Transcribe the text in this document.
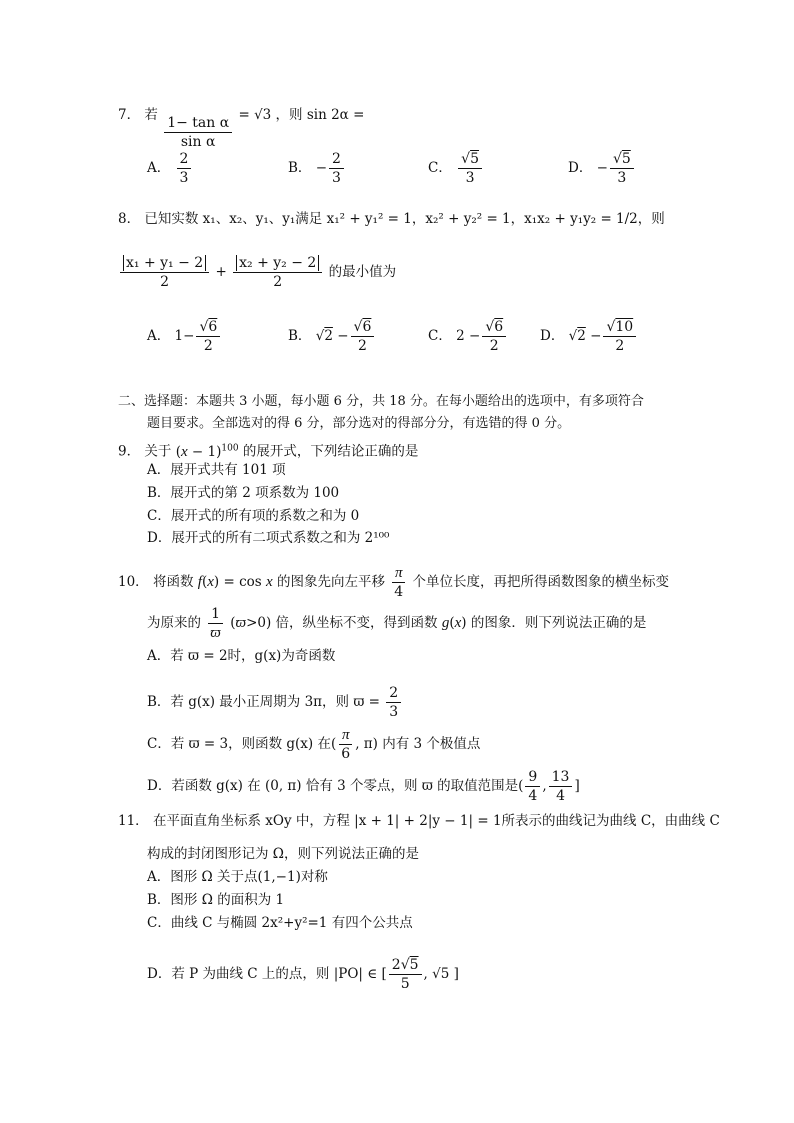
7． 若 $\frac{\text{1− tan α}}{\text{sin α}} = √3$ ，则 sin 2α =
A． $\frac{2}{3}$	B． − $\frac{2}{3}$	C． $\frac{√5}{3}$	D． − $\frac{√5}{3}$
8． 已知实数 x₁、x₂、y₁、y₁满足 x₁² + y₁² = 1，x₂² + y₂² = 1，x₁x₂ + y₁y₂ = 1/2，则
$\frac{\text{x₁ + y₁ − 2}}{2} + \frac{\text{x₂ + y₂ − 2}}{2}$ 的最小值为
A． $1- \frac{√6}{2}$	B． $√2 - \frac{√6}{2}$	C． $2 - \frac{√6}{2}$	D． $√2 - \frac{√10}{2}$
二、选择题：本题共 3 小题，每小题 6 分，共 18 分。在每小题给出的选项中，有多项符合
题目要求。全部选对的得 6 分，部分选对的得部分分，有选错的得 0 分。
9． 关于 $(x - 1)^{100}$ 的展开式，下列结论正确的是
A．展开式共有 101 项
B．展开式的第 2 项系数为 100
C．展开式的所有项的系数之和为 0
D．展开式的所有二项式系数之和为 2¹⁰⁰
10． 将函数 f(x) = cos x 的图象先向左平移 $\frac{\pi}{4}$ 个单位长度，再把所得函数图象的横坐标变
为原来的 $\frac{1}{ϖ} (ϖ>0)$ 倍，纵坐标不变，得到函数 g(x) 的图象．则下列说法正确的是
A．若 ϖ = 2时，g(x)为奇函数
B．若 g(x) 最小正周期为 3π，则 $ϖ = \frac{2}{3}$
C．若 ϖ = 3，则函数 g(x) 在( $\frac{\pi}{6}$ , π) 内有 3 个极值点
D．若函数 g(x) 在 (0, π) 恰有 3 个零点，则 ϖ 的取值范围是( $\frac{9}{4}$ , $\frac{13}{4}$ ]
11． 在平面直角坐标系 xOy 中，方程 |x + 1| + 2|y − 1| = 1所表示的曲线记为曲线 C，由曲线 C
构成的封闭图形记为 Ω，则下列说法正确的是
A．图形 Ω 关于点(1,−1)对称
B．图形 Ω 的面积为 1
C．曲线 C 与椭圆 2x²+y²=1 有四个公共点
D．若 P 为曲线 C 上的点，则 |PO| ∈ [ $\frac{2√5}{5}$ , √5 ]
